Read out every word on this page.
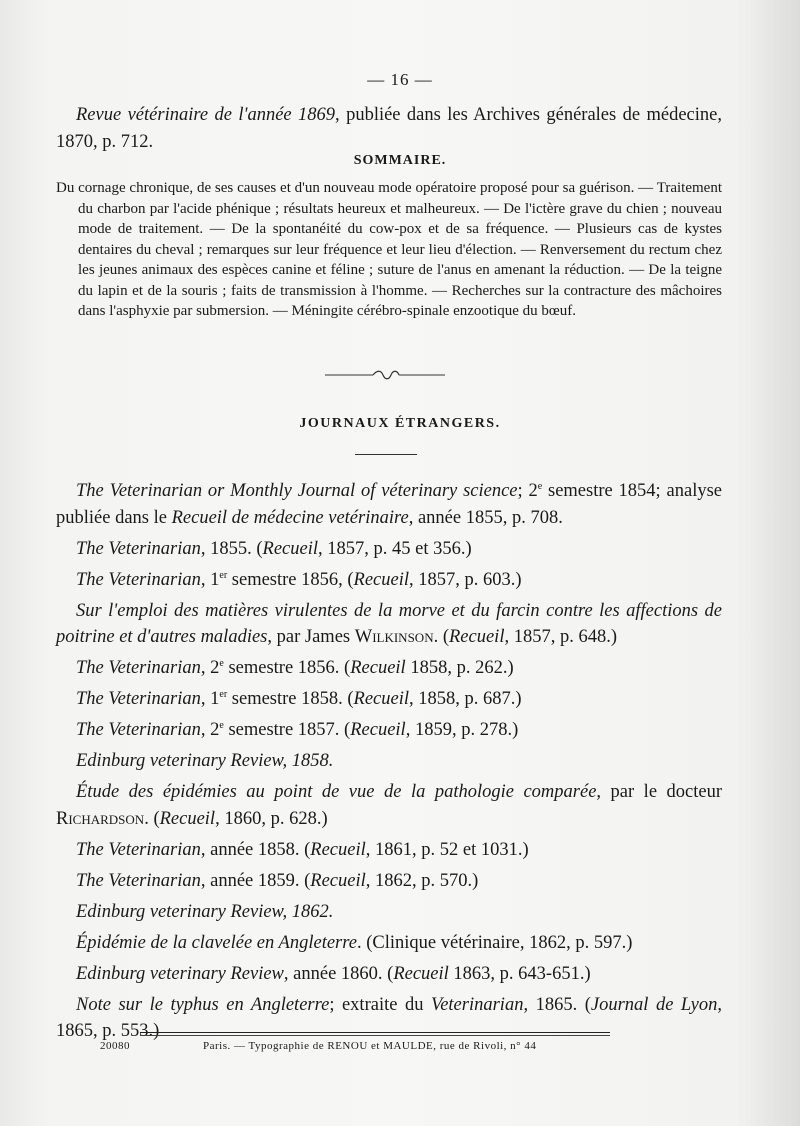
— 16 —
Revue vétérinaire de l'année 1869, publiée dans les Archives générales de médecine, 1870, p. 712.
SOMMAIRE.

Du cornage chronique, de ses causes et d'un nouveau mode opératoire proposé pour sa guérison. — Traitement du charbon par l'acide phénique ; résultats heureux et malheureux. — De l'ictère grave du chien ; nouveau mode de traitement. — De la spontanéité du cow-pox et de sa fréquence. — Plusieurs cas de kystes dentaires du cheval ; remarques sur leur fréquence et leur lieu d'élection. — Renversement du rectum chez les jeunes animaux des espèces canine et féline ; suture de l'anus en amenant la réduction. — De la teigne du lapin et de la souris ; faits de transmission à l'homme. — Recherches sur la contracture des mâchoires dans l'asphyxie par submersion. — Méningite cérébro-spinale enzootique du bœuf.

JOURNAUX ÉTRANGERS.

The Veterinarian or Monthly Journal of véterinary science; 2e semestre 1854; analyse publiée dans le Recueil de médecine vetérinaire, année 1855, p. 708.

The Veterinarian, 1855. (Recueil, 1857, p. 45 et 356.)

The Veterinarian, 1er semestre 1856, (Recueil, 1857, p. 603.)

Sur l'emploi des matières virulentes de la morve et du farcin contre les affections de poitrine et d'autres maladies, par James Wilkinson. (Recueil, 1857, p. 648.)

The Veterinarian, 2e semestre 1856. (Recueil 1858, p. 262.)

The Veterinarian, 1er semestre 1858. (Recueil, 1858, p. 687.)

The Veterinarian, 2e semestre 1857. (Recueil, 1859, p. 278.)

Edinburg veterinary Review, 1858.

Étude des épidémies au point de vue de la pathologie comparée, par le docteur Richardson. (Recueil, 1860, p. 628.)

The Veterinarian, année 1858. (Recueil, 1861, p. 52 et 1031.)

The Veterinarian, année 1859. (Recueil, 1862, p. 570.)

Edinburg veterinary Review, 1862.

Épidémie de la clavelée en Angleterre. (Clinique vétérinaire, 1862, p. 597.)

Edinburg veterinary Review, année 1860. (Recueil 1863, p. 643-651.)

Note sur le typhus en Angleterre; extraite du Veterinarian, 1865. (Journal de Lyon, 1865, p. 553.)

20080	Paris. — Typographie de RENOU et MAULDE, rue de Rivoli, n° 44
